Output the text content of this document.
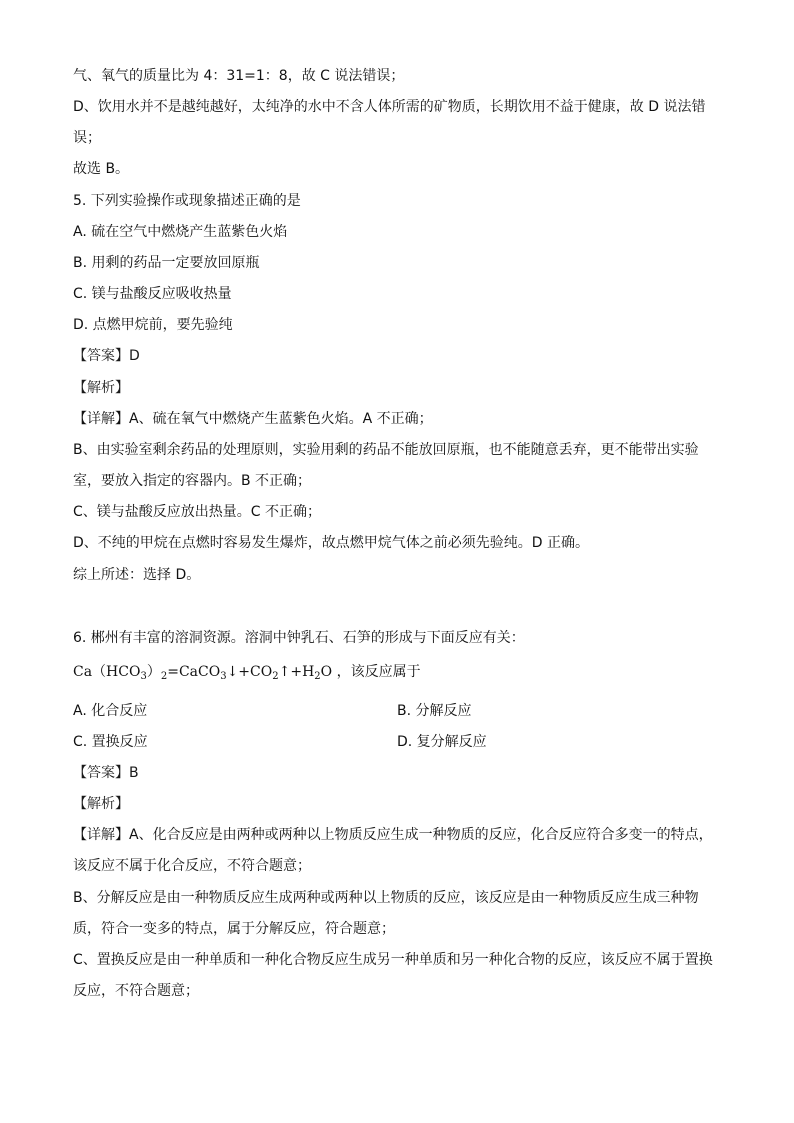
气、氧气的质量比为 4：31=1：8，故 C 说法错误；
D、饮用水并不是越纯越好，太纯净的水中不含人体所需的矿物质，长期饮用不益于健康，故 D 说法错
误；
故选 B。
5. 下列实验操作或现象描述正确的是
A. 硫在空气中燃烧产生蓝紫色火焰
B. 用剩的药品一定要放回原瓶
C. 镁与盐酸反应吸收热量
D. 点燃甲烷前，要先验纯
【答案】D
【解析】
【详解】A、硫在氧气中燃烧产生蓝紫色火焰。A 不正确；
B、由实验室剩余药品的处理原则，实验用剩的药品不能放回原瓶，也不能随意丢弃，更不能带出实验
室，要放入指定的容器内。B 不正确；
C、镁与盐酸反应放出热量。C 不正确；
D、不纯的甲烷在点燃时容易发生爆炸，故点燃甲烷气体之前必须先验纯。D 正确。
综上所述：选择 D。
6. 郴州有丰富的溶洞资源。溶洞中钟乳石、石笋的形成与下面反应有关：
$Ca(HCO_3)_2=CaCO_3↓+CO_2↑+H_2O$ ，该反应属于
A. 化合反应	B. 分解反应
C. 置换反应	D. 复分解反应
【答案】B
【解析】
【详解】A、化合反应是由两种或两种以上物质反应生成一种物质的反应，化合反应符合多变一的特点，
该反应不属于化合反应，不符合题意；
B、分解反应是由一种物质反应生成两种或两种以上物质的反应，该反应是由一种物质反应生成三种物
质，符合一变多的特点，属于分解反应，符合题意；
C、置换反应是由一种单质和一种化合物反应生成另一种单质和另一种化合物的反应，该反应不属于置换
反应，不符合题意；
